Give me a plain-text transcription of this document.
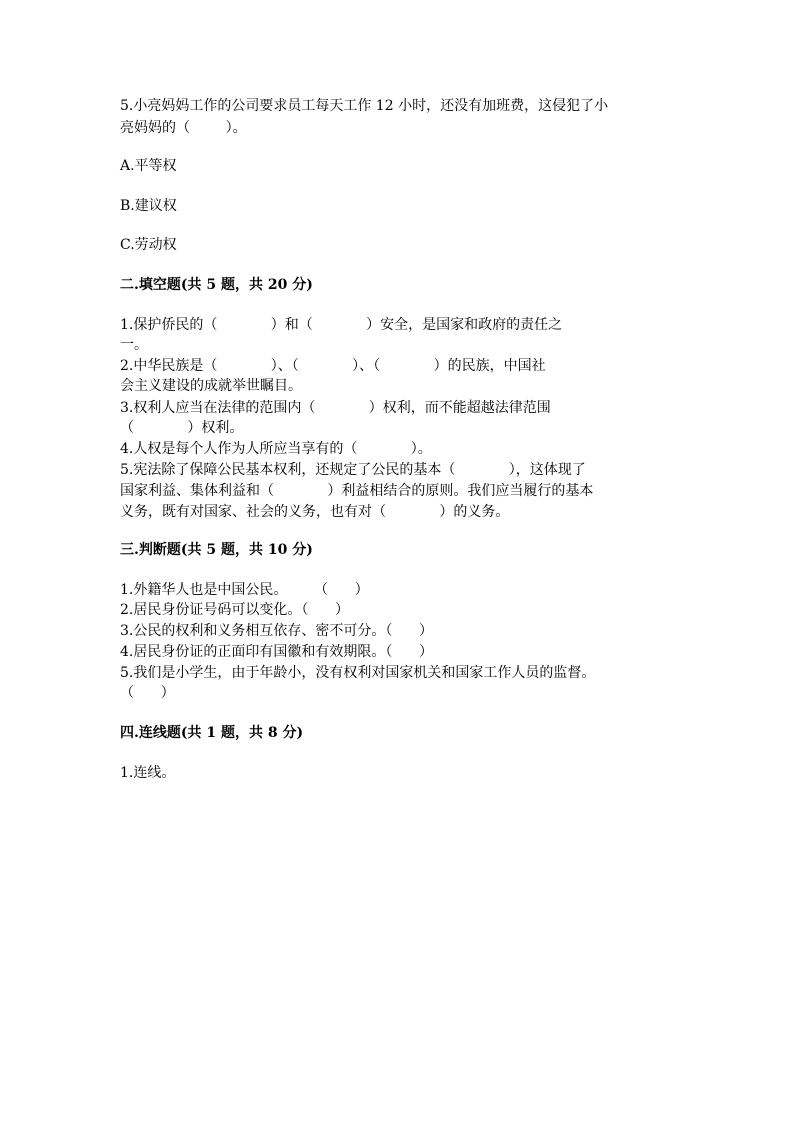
5.小亮妈妈工作的公司要求员工每天工作 12 小时，还没有加班费，这侵犯了小
亮妈妈的（        ）。
A.平等权
B.建议权
C.劳动权
二.填空题(共 5 题，共 20 分)
1.保护侨民的（            ）和（            ）安全，是国家和政府的责任之
一。
2.中华民族是（            ）、（            ）、（            ）的民族，中国社
会主义建设的成就举世瞩目。
3.权利人应当在法律的范围内（            ）权利，而不能超越法律范围
（            ）权利。
4.人权是每个人作为人所应当享有的（            ）。
5.宪法除了保障公民基本权利，还规定了公民的基本（            ），这体现了
国家利益、集体利益和（            ）利益相结合的原则。我们应当履行的基本
义务，既有对国家、社会的义务，也有对（            ）的义务。
三.判断题(共 5 题，共 10 分)
1.外籍华人也是中国公民。      （      ）
2.居民身份证号码可以变化。（      ）
3.公民的权利和义务相互依存、密不可分。（      ）
4.居民身份证的正面印有国徽和有效期限。（      ）
5.我们是小学生，由于年龄小，没有权利对国家机关和国家工作人员的监督。
（      ）
四.连线题(共 1 题，共 8 分)
1.连线。
